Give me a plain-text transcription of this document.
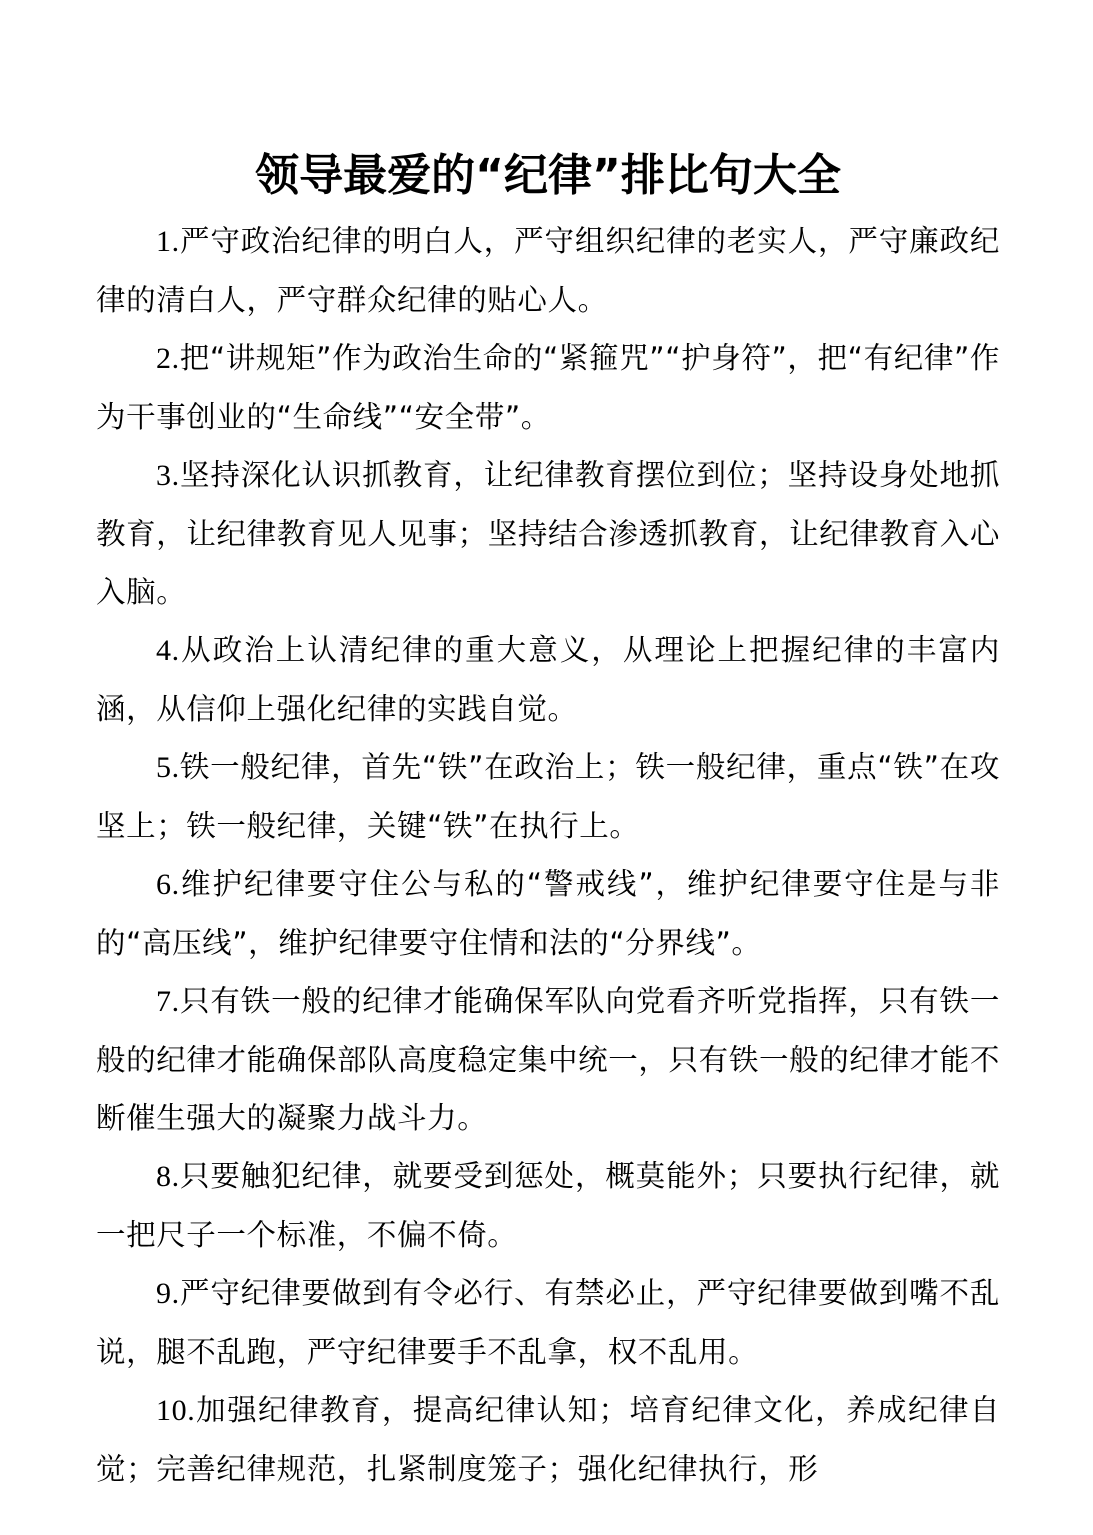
领导最爱的“纪律”排比句大全

1.严守政治纪律的明白人，严守组织纪律的老实人，严守廉政纪律的清白人，严守群众纪律的贴心人。

2.把“讲规矩”作为政治生命的“紧箍咒”“护身符”，把“有纪律”作为干事创业的“生命线”“安全带”。

3.坚持深化认识抓教育，让纪律教育摆位到位；坚持设身处地抓教育，让纪律教育见人见事；坚持结合渗透抓教育，让纪律教育入心入脑。

4.从政治上认清纪律的重大意义，从理论上把握纪律的丰富内涵，从信仰上强化纪律的实践自觉。

5.铁一般纪律，首先“铁”在政治上；铁一般纪律，重点“铁”在攻坚上；铁一般纪律，关键“铁”在执行上。

6.维护纪律要守住公与私的“警戒线”，维护纪律要守住是与非的“高压线”，维护纪律要守住情和法的“分界线”。

7.只有铁一般的纪律才能确保军队向党看齐听党指挥，只有铁一般的纪律才能确保部队高度稳定集中统一，只有铁一般的纪律才能不断催生强大的凝聚力战斗力。

8.只要触犯纪律，就要受到惩处，概莫能外；只要执行纪律，就一把尺子一个标准，不偏不倚。

9.严守纪律要做到有令必行、有禁必止，严守纪律要做到嘴不乱说，腿不乱跑，严守纪律要手不乱拿，权不乱用。

10.加强纪律教育，提高纪律认知；培育纪律文化，养成纪律自觉；完善纪律规范，扎紧制度笼子；强化纪律执行，形
